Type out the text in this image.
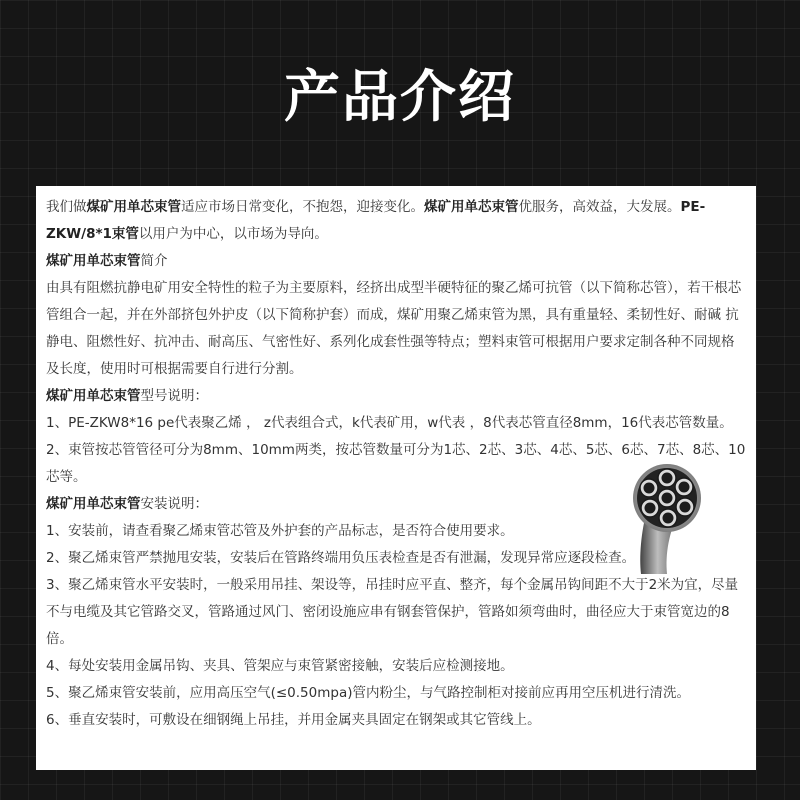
产品介绍

我们做煤矿用单芯束管适应市场日常变化，不抱怨，迎接变化。煤矿用单芯束管优服务，高效益，大发展。PE-ZKW/8*1束管以用户为中心，以市场为导向。

煤矿用单芯束管简介

由具有阻燃抗静电矿用安全特性的粒子为主要原料，经挤出成型半硬特征的聚乙烯可抗管（以下简称芯管），若干根芯管组合一起，并在外部挤包外护皮（以下简称护套）而成，煤矿用聚乙烯束管为黑，具有重量轻、柔韧性好、耐碱 抗静电、阻燃性好、抗冲击、耐高压、气密性好、系列化成套性强等特点；塑料束管可根据用户要求定制各种不同规格及长度，使用时可根据需要自行进行分割。

煤矿用单芯束管型号说明：

1、PE-ZKW8*16 pe代表聚乙烯 ， z代表组合式，k代表矿用，w代表 ，8代表芯管直径8mm，16代表芯管数量。

2、束管按芯管管径可分为8mm、10mm两类，按芯管数量可分为1芯、2芯、3芯、4芯、5芯、6芯、7芯、8芯、10芯等。

煤矿用单芯束管安装说明：

1、安装前，请查看聚乙烯束管芯管及外护套的产品标志，是否符合使用要求。

2、聚乙烯束管严禁抛甩安装，安装后在管路终端用负压表检查是否有泄漏，发现异常应逐段检查。

3、聚乙烯束管水平安装时，一般采用吊挂、架设等，吊挂时应平直、整齐，每个金属吊钩间距不大于2米为宜，尽量不与电缆及其它管路交叉，管路通过风门、密闭设施应串有钢套管保护，管路如须弯曲时，曲径应大于束管宽边的8倍。

4、每处安装用金属吊钩、夹具、管架应与束管紧密接触，安装后应检测接地。

5、聚乙烯束管安装前，应用高压空气(≤0.50mpa)管内粉尘，与气路控制柜对接前应再用空压机进行清洗。

6、垂直安装时，可敷设在细钢绳上吊挂，并用金属夹具固定在钢架或其它管线上。
